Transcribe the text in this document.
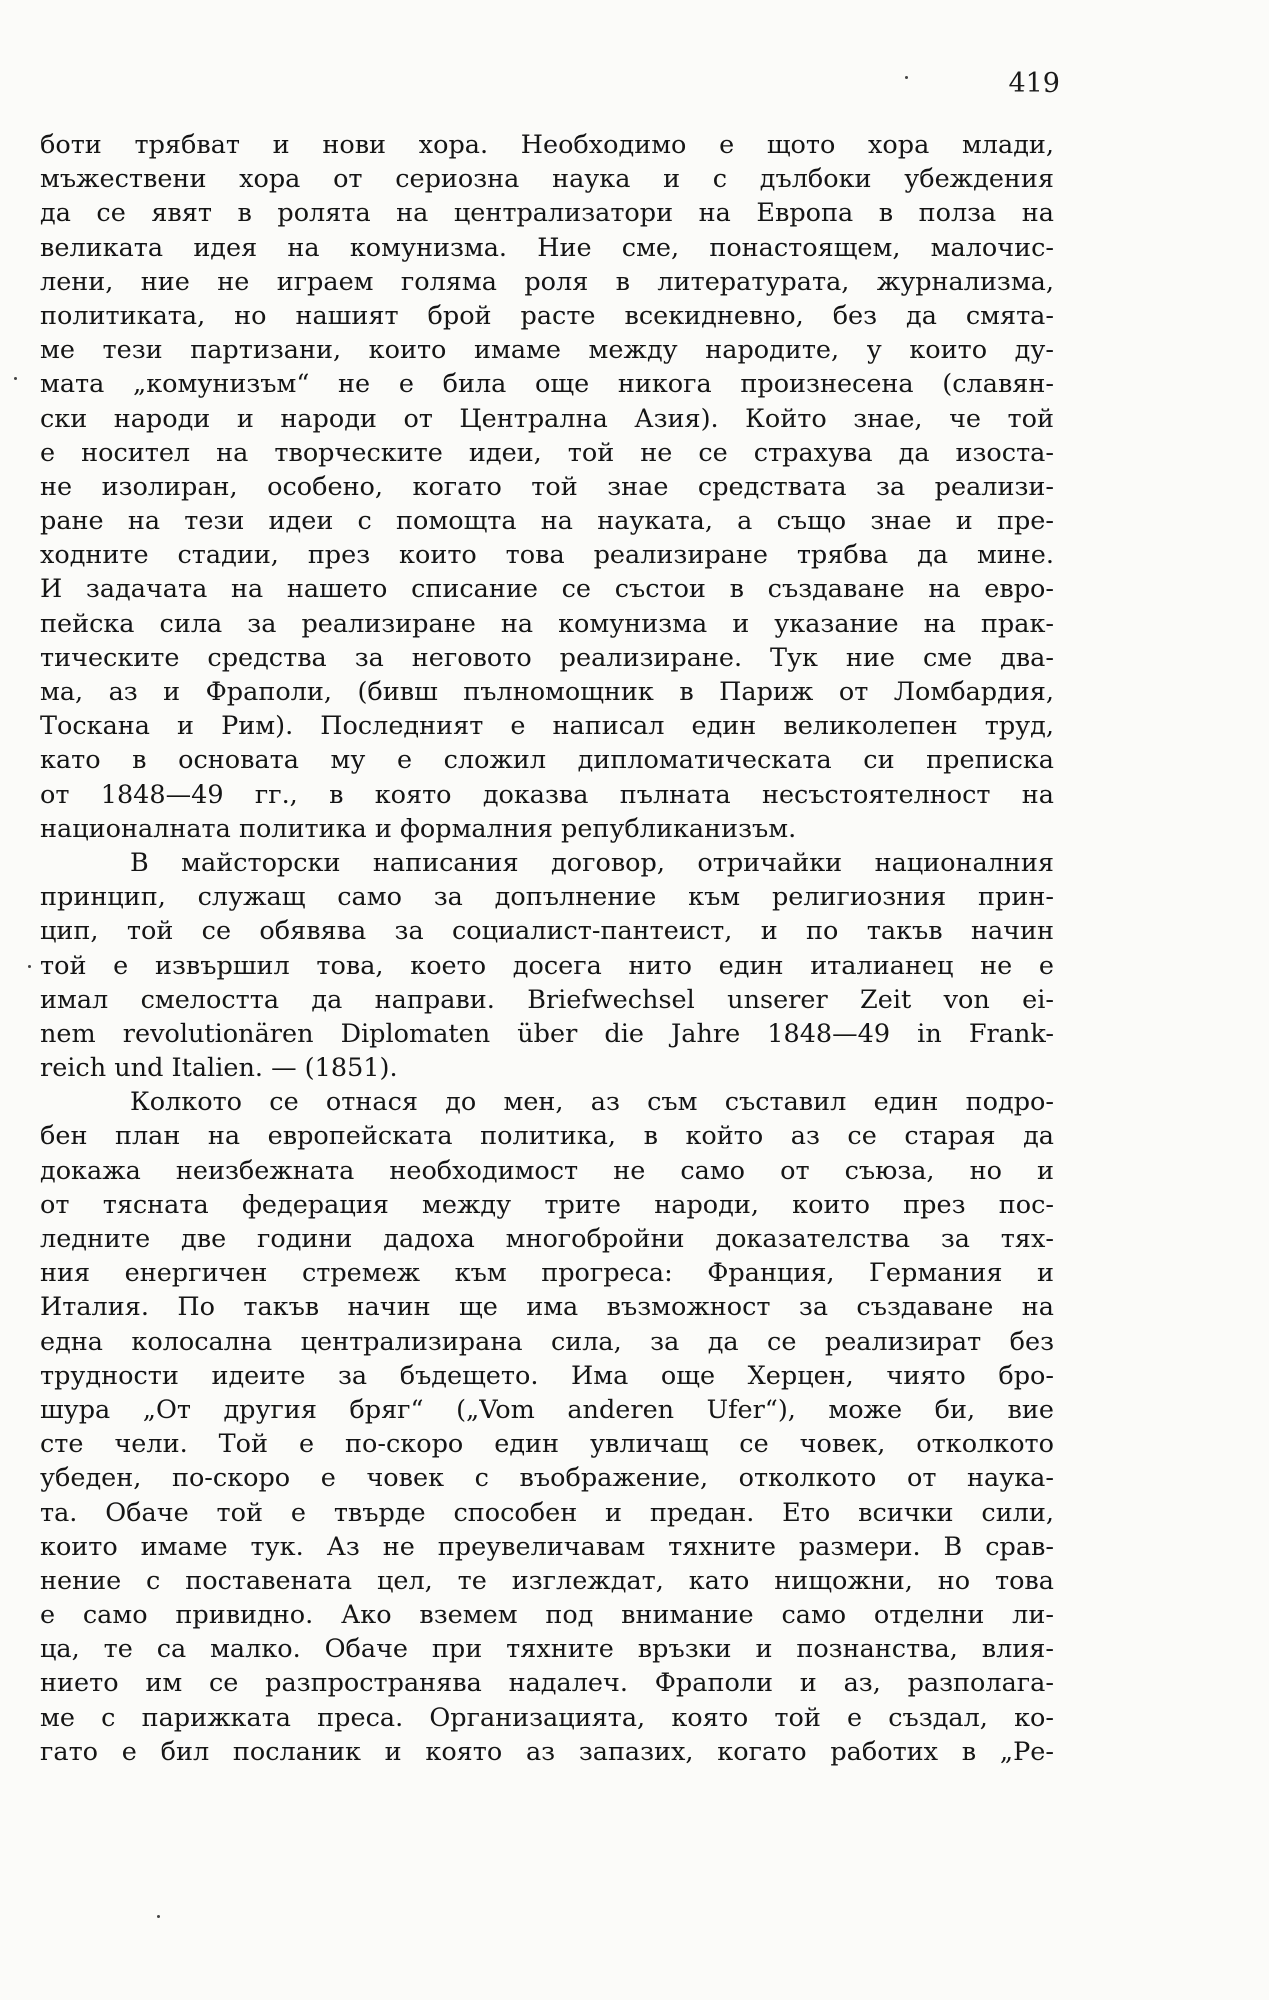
419
боти трябват и нови хора. Необходимо е щото хора млади,
мъжествени хора от сериозна наука и с дълбоки убеждения
да се явят в ролята на централизатори на Европа в полза на
великата идея на комунизма. Ние сме, понастоящем, малочис-
лени, ние не играем голяма роля в литературата, журнализма,
политиката, но нашият брой расте всекидневно, без да смята-
ме тези партизани, които имаме между народите, у които ду-
мата „комунизъм“ не е била още никога произнесена (славян-
ски народи и народи от Централна Азия). Който знае, че той
е носител на творческите идеи, той не се страхува да изоста-
не изолиран, особено, когато той знае средствата за реализи-
ране на тези идеи с помощта на науката, а също знае и пре-
ходните стадии, през които това реализиране трябва да мине.
И задачата на нашето списание се състои в създаване на евро-
пейска сила за реализиране на комунизма и указание на прак-
тическите средства за неговото реализиране. Тук ние сме два-
ма, аз и Фраполи, (бивш пълномощник в Париж от Ломбардия,
Тоскана и Рим). Последният е написал един великолепен труд,
като в основата му е сложил дипломатическата си преписка
от 1848—49 гг., в която доказва пълната несъстоятелност на
националната политика и формалния републиканизъм.
В майсторски написания договор, отричайки националния
принцип, служащ само за допълнение към религиозния прин-
цип, той се обявява за социалист-пантеист, и по такъв начин
той е извършил това, което досега нито един италианец не е
имал смелостта да направи. Briefwechsel unserer Zeit von ei-
nem revolutionären Diplomaten über die Jahre 1848—49 in Frank-
reich und Italien. — (1851).
Колкото се отнася до мен, аз съм съставил един подро-
бен план на европейската политика, в който аз се старая да
докажа неизбежната необходимост не само от съюза, но и
от тясната федерация между трите народи, които през пос-
ледните две години дадоха многобройни доказателства за тях-
ния енергичен стремеж към прогреса: Франция, Германия и
Италия. По такъв начин ще има възможност за създаване на
една колосална централизирана сила, за да се реализират без
трудности идеите за бъдещето. Има още Херцен, чиято бро-
шура „От другия бряг“ („Vom anderen Ufer“), може би, вие
сте чели. Той е по-скоро един увличащ се човек, отколкото
убеден, по-скоро е човек с въображение, отколкото от наука-
та. Обаче той е твърде способен и предан. Ето всички сили,
които имаме тук. Аз не преувеличавам тяхните размери. В срав-
нение с поставената цел, те изглеждат, като нищожни, но това
е само привидно. Ако вземем под внимание само отделни ли-
ца, те са малко. Обаче при тяхните връзки и познанства, влия-
нието им се разпространява надалеч. Фраполи и аз, разполага-
ме с парижката преса. Организацията, която той е създал, ко-
гато е бил посланик и която аз запазих, когато работих в „Ре-
